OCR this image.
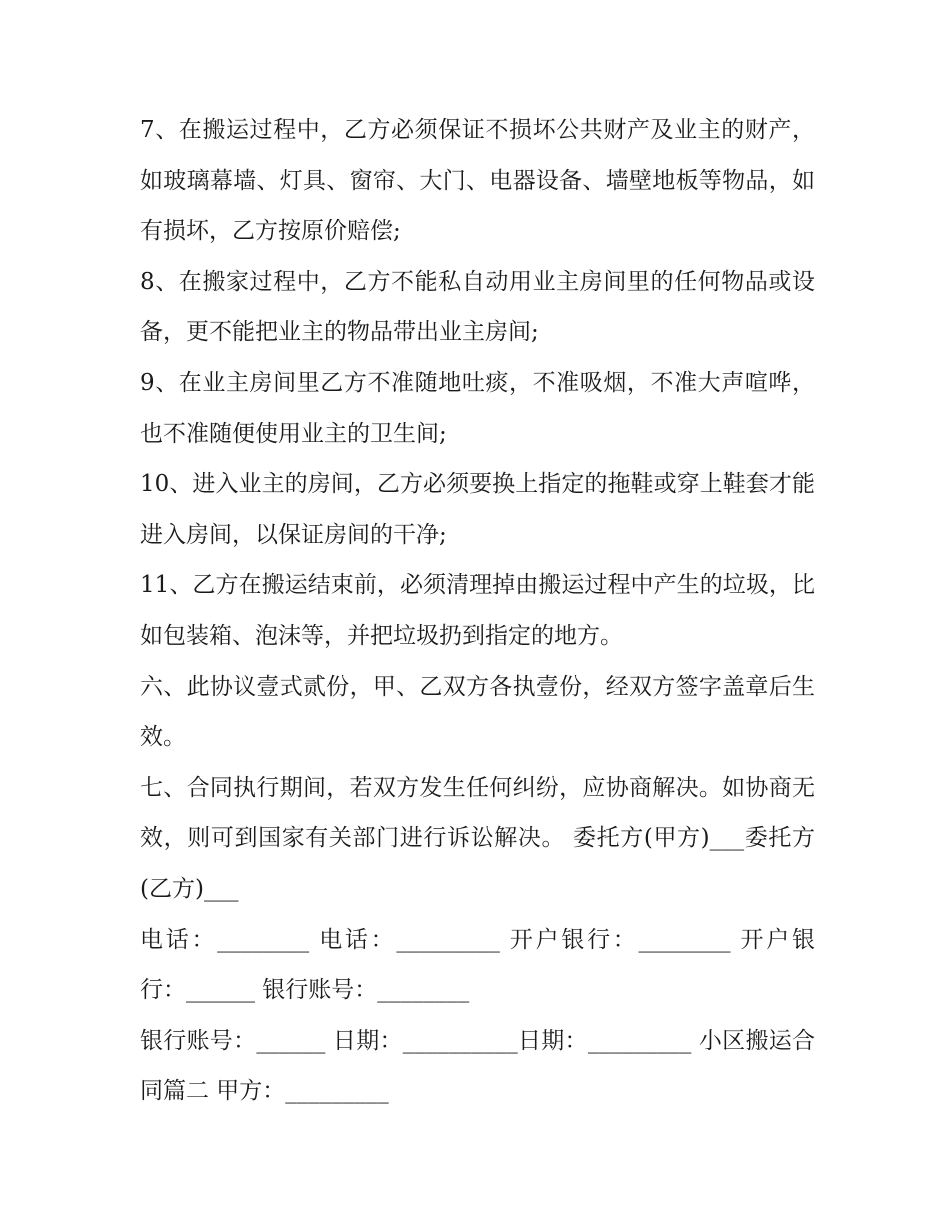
7、在搬运过程中，乙方必须保证不损坏公共财产及业主的财产，如玻璃幕墙、灯具、窗帘、大门、电器设备、墙壁地板等物品，如有损坏，乙方按原价赔偿;

8、在搬家过程中，乙方不能私自动用业主房间里的任何物品或设备，更不能把业主的物品带出业主房间;

9、在业主房间里乙方不准随地吐痰，不准吸烟，不准大声喧哗，也不准随便使用业主的卫生间;

10、进入业主的房间，乙方必须要换上指定的拖鞋或穿上鞋套才能进入房间，以保证房间的干净;

11、乙方在搬运结束前，必须清理掉由搬运过程中产生的垃圾，比如包装箱、泡沫等，并把垃圾扔到指定的地方。

六、此协议壹式贰份，甲、乙双方各执壹份，经双方签字盖章后生效。

七、合同执行期间，若双方发生任何纠纷，应协商解决。如协商无效，则可到国家有关部门进行诉讼解决。 委托方(甲方)___委托方(乙方)___

电话：________ 电话：_________ 开户银行：________ 开户银行：______ 银行账号：________

银行账号：______ 日期：__________日期：_________ 小区搬运合同篇二 甲方：_________
